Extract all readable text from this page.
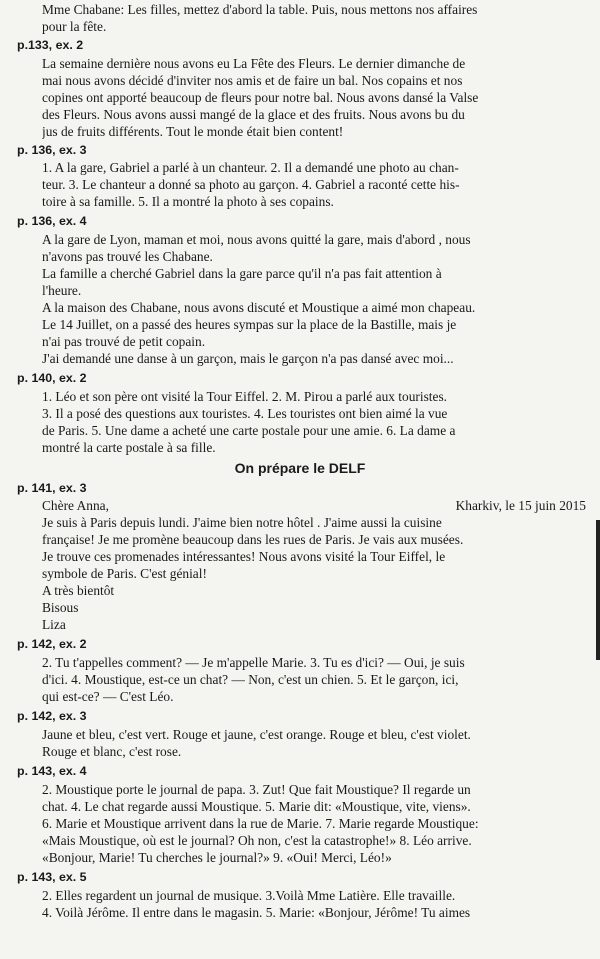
Mme Chabane: Les filles, mettez d'abord la table. Puis, nous mettons nos affaires
pour la fête.
p.133, ex. 2
La semaine dernière nous avons eu La Fête des Fleurs. Le dernier dimanche de
mai nous avons décidé d'inviter nos amis et de faire un bal. Nos copains et nos
copines ont apporté beaucoup de fleurs pour notre bal. Nous avons dansé la Valse
des Fleurs. Nous avons aussi mangé de la glace et des fruits. Nous avons bu du
jus de fruits différents. Tout le monde était bien content!
p. 136, ex. 3
1. A la gare, Gabriel a parlé à un chanteur. 2. Il a demandé une photo au chan-
teur. 3. Le chanteur a donné sa photo au garçon. 4. Gabriel a raconté cette his-
toire à sa famille. 5. Il a montré la photo à ses copains.
p. 136, ex. 4
A la gare de Lyon, maman et moi, nous avons quitté la gare, mais d'abord , nous
n'avons pas trouvé les Chabane.
La famille a cherché Gabriel dans la gare parce qu'il n'a pas fait attention à
l'heure.
A la maison des Chabane, nous avons discuté et Moustique a aimé mon chapeau.
Le 14 Juillet, on a passé des heures sympas sur la place de la Bastille, mais je
n'ai pas trouvé de petit copain.
J'ai demandé une danse à un garçon, mais le garçon n'a pas dansé avec moi...
p. 140, ex. 2
1. Léo et son père ont visité la Tour Eiffel. 2. M. Pirou a parlé aux touristes.
3. Il a posé des questions aux touristes. 4. Les touristes ont bien aimé la vue
de Paris. 5. Une dame a acheté une carte postale pour une amie. 6. La dame a
montré la carte postale à sa fille.
On prépare le DELF
p. 141, ex. 3
Chère Anna,	Kharkiv, le 15 juin 2015
Je suis à Paris depuis lundi. J'aime bien notre hôtel . J'aime aussi la cuisine
française! Je me promène beaucoup dans les rues de Paris. Je vais aux musées.
Je trouve ces promenades intéressantes! Nous avons visité la Tour Eiffel, le
symbole de Paris. C'est génial!
A très bientôt
Bisous
Liza
p. 142, ex. 2
2. Tu t'appelles comment? — Je m'appelle Marie. 3. Tu es d'ici? — Oui, je suis
d'ici. 4. Moustique, est-ce un chat? — Non, c'est un chien. 5. Et le garçon, ici,
qui est-ce? — C'est Léo.
p. 142, ex. 3
Jaune et bleu, c'est vert. Rouge et jaune, c'est orange. Rouge et bleu, c'est violet.
Rouge et blanc, c'est rose.
p. 143, ex. 4
2. Moustique porte le journal de papa. 3. Zut! Que fait Moustique? Il regarde un
chat. 4. Le chat regarde aussi Moustique. 5. Marie dit: «Moustique, vite, viens».
6. Marie et Moustique arrivent dans la rue de Marie. 7. Marie regarde Moustique:
«Mais Moustique, où est le journal? Oh non, c'est la catastrophe!» 8. Léo arrive.
«Bonjour, Marie! Tu cherches le journal?» 9. «Oui! Merci, Léo!»
p. 143, ex. 5
2. Elles regardent un journal de musique. 3.Voilà Mme Latière. Elle travaille.
4. Voilà Jérôme. Il entre dans le magasin. 5. Marie: «Bonjour, Jérôme! Tu aimes
